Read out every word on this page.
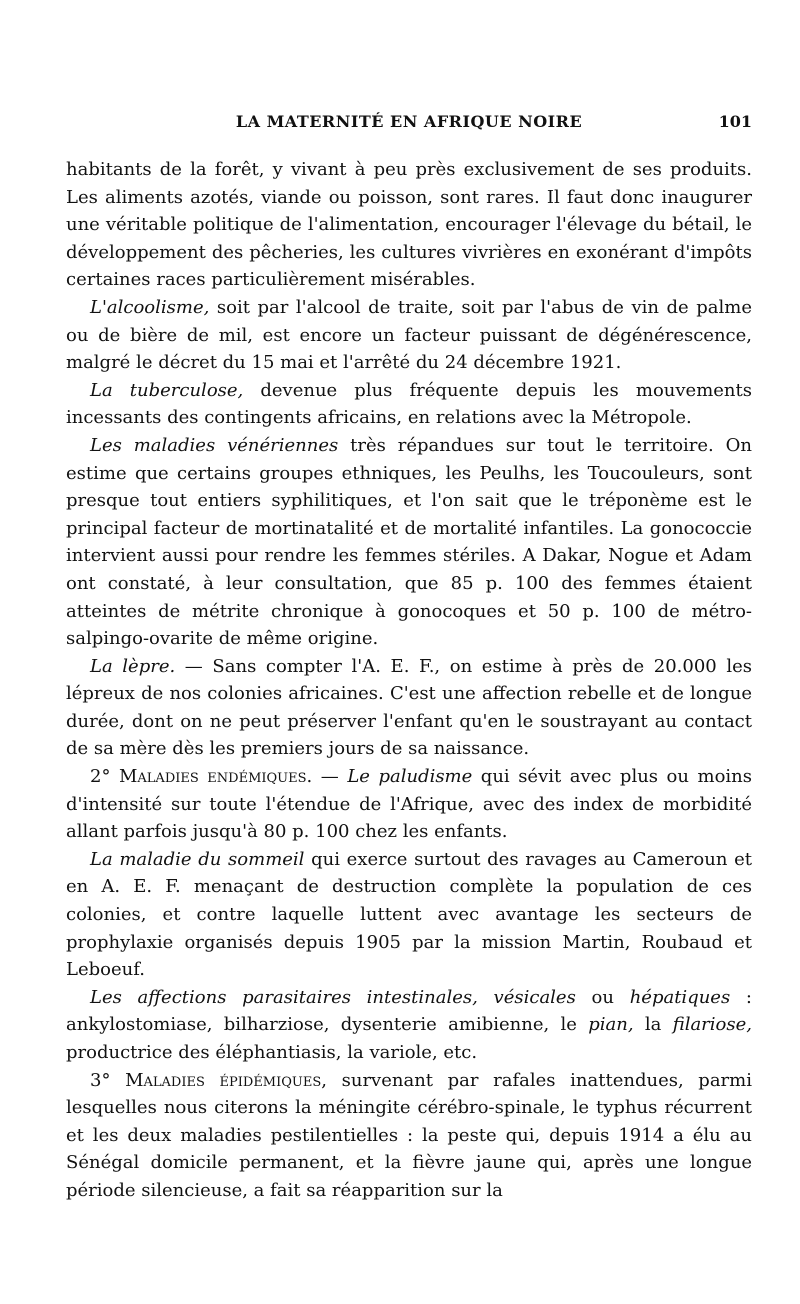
LA MATERNITÉ EN AFRIQUE NOIRE	101

habitants de la forêt, y vivant à peu près exclusivement de ses produits. Les aliments azotés, viande ou poisson, sont rares. Il faut donc inaugurer une véritable politique de l'alimentation, encourager l'élevage du bétail, le développement des pêcheries, les cultures vivrières en exonérant d'impôts certaines races particulièrement misérables.

L'alcoolisme, soit par l'alcool de traite, soit par l'abus de vin de palme ou de bière de mil, est encore un facteur puissant de dégénérescence, malgré le décret du 15 mai et l'arrêté du 24 décembre 1921.

La tuberculose, devenue plus fréquente depuis les mouvements incessants des contingents africains, en relations avec la Métropole.

Les maladies vénériennes très répandues sur tout le territoire. On estime que certains groupes ethniques, les Peulhs, les Toucouleurs, sont presque tout entiers syphilitiques, et l'on sait que le tréponème est le principal facteur de mortinatalité et de mortalité infantiles. La gonococcie intervient aussi pour rendre les femmes stériles. A Dakar, Nogue et Adam ont constaté, à leur consultation, que 85 p. 100 des femmes étaient atteintes de métrite chronique à gonocoques et 50 p. 100 de métro-salpingo-ovarite de même origine.

La lèpre. — Sans compter l'A. E. F., on estime à près de 20.000 les lépreux de nos colonies africaines. C'est une affection rebelle et de longue durée, dont on ne peut préserver l'enfant qu'en le soustrayant au contact de sa mère dès les premiers jours de sa naissance.

2° Maladies endémiques. — Le paludisme qui sévit avec plus ou moins d'intensité sur toute l'étendue de l'Afrique, avec des index de morbidité allant parfois jusqu'à 80 p. 100 chez les enfants.

La maladie du sommeil qui exerce surtout des ravages au Cameroun et en A. E. F. menaçant de destruction complète la population de ces colonies, et contre laquelle luttent avec avantage les secteurs de prophylaxie organisés depuis 1905 par la mission Martin, Roubaud et Leboeuf.

Les affections parasitaires intestinales, vésicales ou hépatiques : ankylostomiase, bilharziose, dysenterie amibienne, le pian, la filariose, productrice des éléphantiasis, la variole, etc.

3° Maladies épidémiques, survenant par rafales inattendues, parmi lesquelles nous citerons la méningite cérébro-spinale, le typhus récurrent et les deux maladies pestilentielles : la peste qui, depuis 1914 a élu au Sénégal domicile permanent, et la fièvre jaune qui, après une longue période silencieuse, a fait sa réapparition sur la
